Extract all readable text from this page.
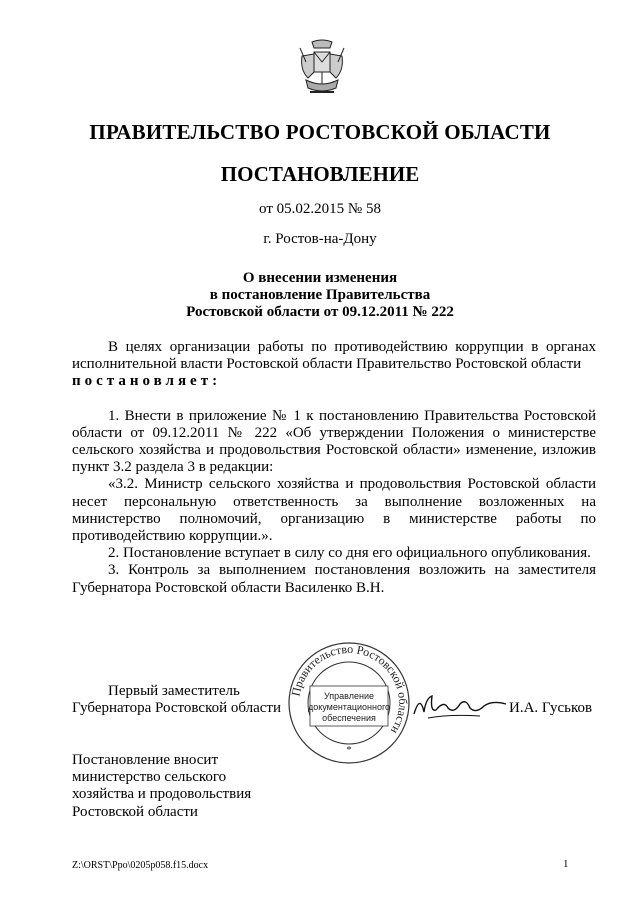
ПРАВИТЕЛЬСТВО РОСТОВСКОЙ ОБЛАСТИ
ПОСТАНОВЛЕНИЕ
от 05.02.2015 № 58
г. Ростов-на-Дону
О внесении изменения
в постановление Правительства
Ростовской области от 09.12.2011 № 222

В целях организации работы по противодействию коррупции в органах исполнительной власти Ростовской области Правительство Ростовской области

постановляет:

1. Внести в приложение № 1 к постановлению Правительства Ростовской области от 09.12.2011 № 222 «Об утверждении Положения о министерстве сельского хозяйства и продовольствия Ростовской области» изменение, изложив пункт 3.2 раздела 3 в редакции:

«3.2. Министр сельского хозяйства и продовольствия Ростовской области несет персональную ответственность за выполнение возложенных на министерство полномочий, организацию в министерстве работы по противодействию коррупции.».

2. Постановление вступает в силу со дня его официального опубликования.

3. Контроль за выполнением постановления возложить на заместителя Губернатора Ростовской области Василенко В.Н.

Правительство Ростовской области
Управление
документационного
обеспечения
*
Первый заместитель
Губернатора Ростовской области	И.А. Гуськов
Постановление вносит
министерство сельского
хозяйства и продовольствия
Ростовской области
Z:\ORST\Ppo\0205p058.f15.docx	1
